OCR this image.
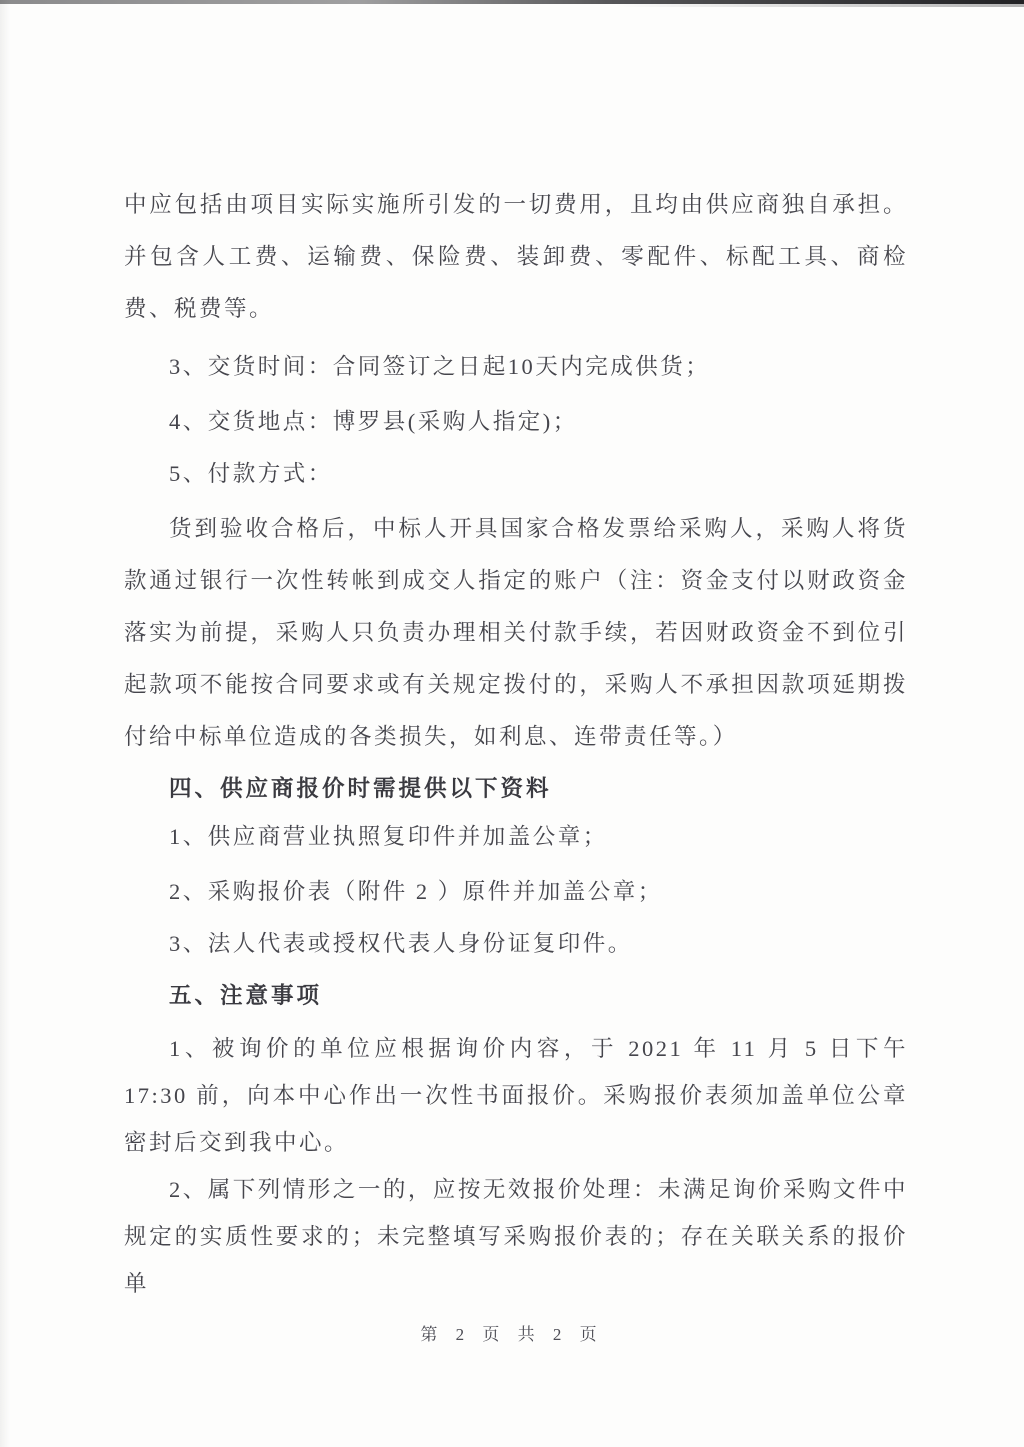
中应包括由项目实际实施所引发的一切费用，且均由供应商独自承担。并包含人工费、运输费、保险费、装卸费、零配件、标配工具、商检费、税费等。

3、交货时间：合同签订之日起10天内完成供货；

4、交货地点：博罗县(采购人指定)；

5、付款方式：

货到验收合格后，中标人开具国家合格发票给采购人，采购人将货款通过银行一次性转帐到成交人指定的账户（注：资金支付以财政资金落实为前提，采购人只负责办理相关付款手续，若因财政资金不到位引起款项不能按合同要求或有关规定拨付的，采购人不承担因款项延期拨付给中标单位造成的各类损失，如利息、连带责任等。）

四、供应商报价时需提供以下资料

1、供应商营业执照复印件并加盖公章；

2、采购报价表（附件 2 ）原件并加盖公章；

3、法人代表或授权代表人身份证复印件。

五、注意事项

1、被询价的单位应根据询价内容，于 2021 年 11 月 5 日下午 17:30 前，向本中心作出一次性书面报价。采购报价表须加盖单位公章密封后交到我中心。

2、属下列情形之一的，应按无效报价处理：未满足询价采购文件中规定的实质性要求的；未完整填写采购报价表的；存在关联关系的报价单

第 2 页 共 2 页
